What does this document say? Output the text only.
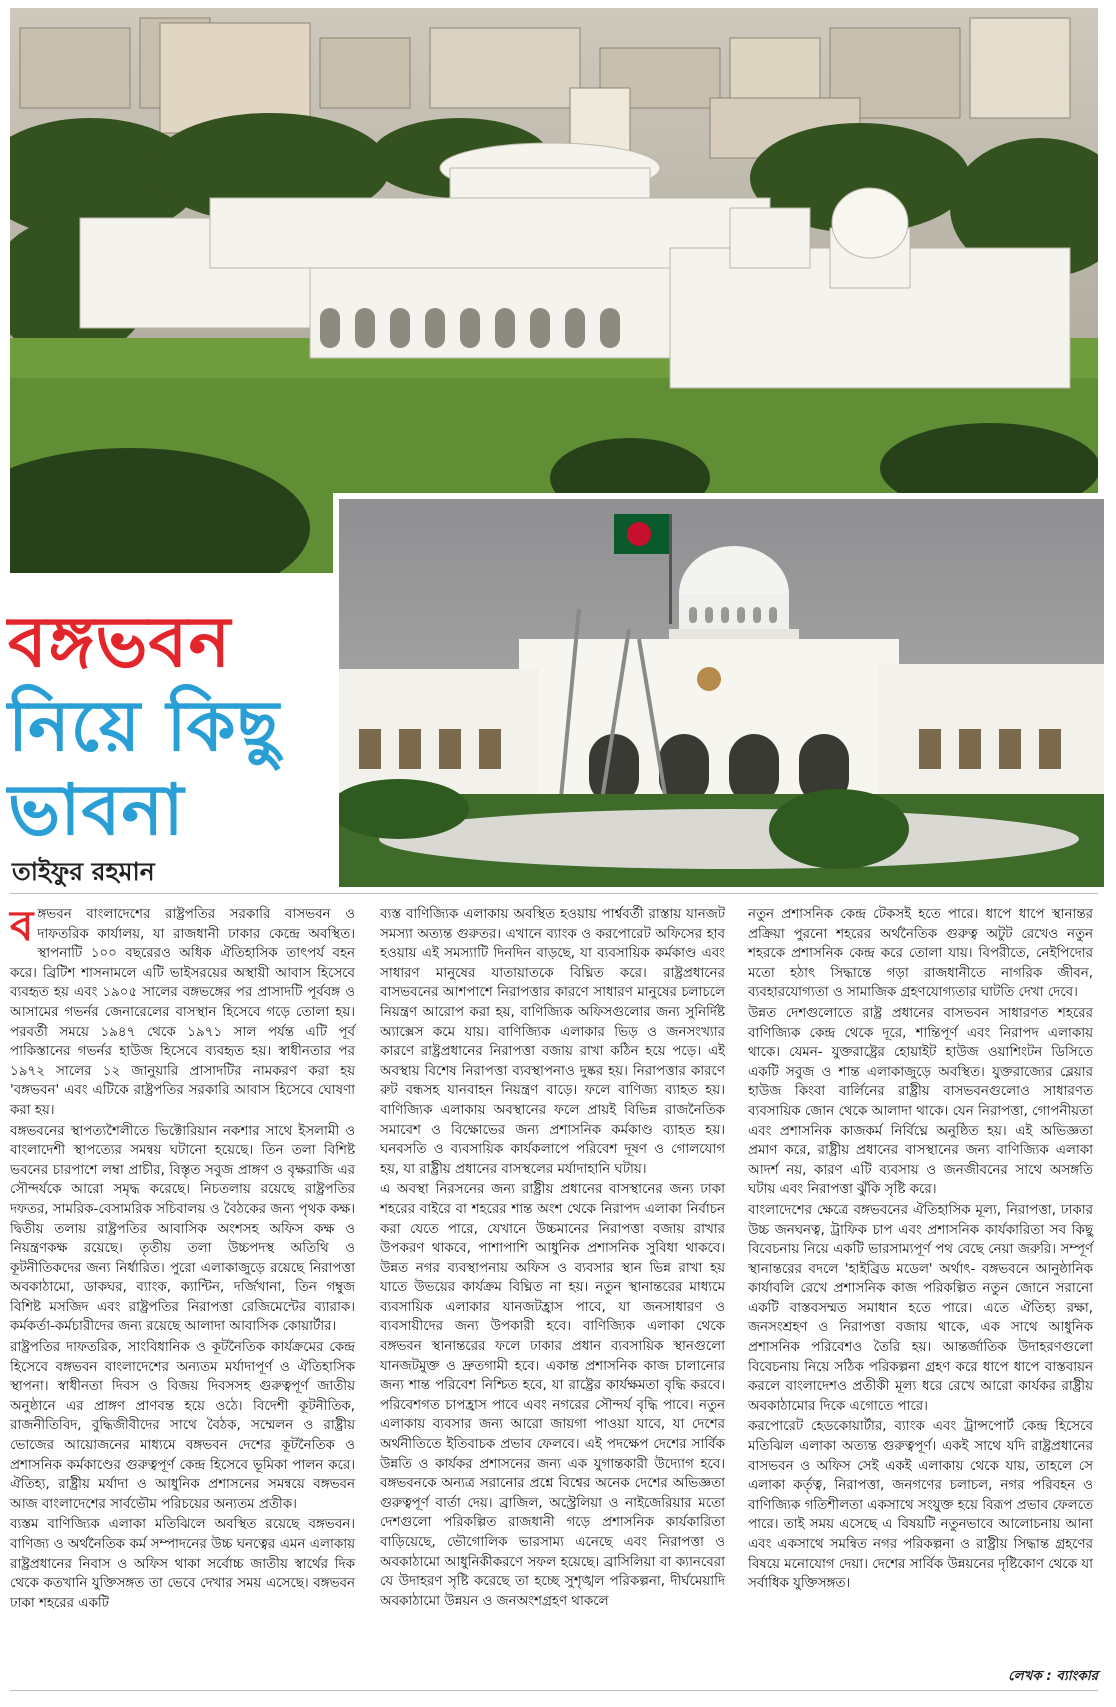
বঙ্গভবন
নিয়ে কিছু
ভাবনা
তাইফুর রহমান

বঙ্গভবন বাংলাদেশের রাষ্ট্রপতির সরকারি বাসভবন ও দাফতরিক কার্যালয়, যা রাজধানী ঢাকার কেন্দ্রে অবস্থিত। স্থাপনাটি ১০০ বছরেরও অধিক ঐতিহাসিক তাৎপর্য বহন করে। ব্রিটিশ শাসনামলে এটি ভাইসরয়ের অস্থায়ী আবাস হিসেবে ব্যবহৃত হয় এবং ১৯০৫ সালের বঙ্গভঙ্গের পর প্রাসাদটি পূর্ববঙ্গ ও আসামের গভর্নর জেনারেলের বাসস্থান হিসেবে গড়ে তোলা হয়। পরবর্তী সময়ে ১৯৪৭ থেকে ১৯৭১ সাল পর্যন্ত এটি পূর্ব পাকিস্তানের গভর্নর হাউজ হিসেবে ব্যবহৃত হয়। স্বাধীনতার পর ১৯৭২ সালের ১২ জানুয়ারি প্রাসাদটির নামকরণ করা হয় 'বঙ্গভবন' এবং এটিকে রাষ্ট্রপতির সরকারি আবাস হিসেবে ঘোষণা করা হয়।

বঙ্গভবনের স্থাপত্যশৈলীতে ভিক্টোরিয়ান নকশার সাথে ইসলামী ও বাংলাদেশী স্থাপত্যের সমন্বয় ঘটানো হয়েছে। তিন তলা বিশিষ্ট ভবনের চারপাশে লম্বা প্রাচীর, বিস্তৃত সবুজ প্রাঙ্গণ ও বৃক্ষরাজি এর সৌন্দর্যকে আরো সমৃদ্ধ করেছে। নিচতলায় রয়েছে রাষ্ট্রপতির দফতর, সামরিক-বেসামরিক সচিবালয় ও বৈঠকের জন্য পৃথক কক্ষ। দ্বিতীয় তলায় রাষ্ট্রপতির আবাসিক অংশসহ অফিস কক্ষ ও নিয়ন্ত্রণকক্ষ রয়েছে। তৃতীয় তলা উচ্চপদস্থ অতিথি ও কূটনীতিকদের জন্য নির্ধারিত। পুরো এলাকাজুড়ে রয়েছে নিরাপত্তা অবকাঠামো, ডাকঘর, ব্যাংক, ক্যান্টিন, দর্জিখানা, তিন গম্বুজ বিশিষ্ট মসজিদ এবং রাষ্ট্রপতির নিরাপত্তা রেজিমেন্টের ব্যারাক। কর্মকর্তা-কর্মচারীদের জন্য রয়েছে আলাদা আবাসিক কোয়ার্টার।

রাষ্ট্রপতির দাফতরিক, সাংবিধানিক ও কূটনৈতিক কার্যক্রমের কেন্দ্র হিসেবে বঙ্গভবন বাংলাদেশের অন্যতম মর্যাদাপূর্ণ ও ঐতিহাসিক স্থাপনা। স্বাধীনতা দিবস ও বিজয় দিবসসহ গুরুত্বপূর্ণ জাতীয় অনুষ্ঠানে এর প্রাঙ্গণ প্রাণবন্ত হয়ে ওঠে। বিদেশী কূটনীতিক, রাজনীতিবিদ, বুদ্ধিজীবীদের সাথে বৈঠক, সম্মেলন ও রাষ্ট্রীয় ভোজের আয়োজনের মাধ্যমে বঙ্গভবন দেশের কূটনৈতিক ও প্রশাসনিক কর্মকাণ্ডের গুরুত্বপূর্ণ কেন্দ্র হিসেবে ভূমিকা পালন করে। ঐতিহ্য, রাষ্ট্রীয় মর্যাদা ও আধুনিক প্রশাসনের সমন্বয়ে বঙ্গভবন আজ বাংলাদেশের সার্বভৌম পরিচয়ের অন্যতম প্রতীক।

ব্যস্তম বাণিজ্যিক এলাকা মতিঝিলে অবস্থিত রয়েছে বঙ্গভবন। বাণিজ্য ও অর্থনৈতিক কর্ম সম্পাদনের উচ্চ ঘনত্বের এমন এলাকায় রাষ্ট্রপ্রধানের নিবাস ও অফিস থাকা সর্বোচ্চ জাতীয় স্বার্থের দিক থেকে কতখানি যুক্তিসঙ্গত তা ভেবে দেখার সময় এসেছে। বঙ্গভবন ঢাকা শহরের একটি

ব্যস্ত বাণিজ্যিক এলাকায় অবস্থিত হওয়ায় পার্শ্ববর্তী রাস্তায় যানজট সমস্যা অত্যন্ত গুরুতর। এখানে ব্যাংক ও করপোরেট অফিসের হাব হওয়ায় এই সমস্যাটি দিনদিন বাড়ছে, যা ব্যবসায়িক কর্মকাণ্ড এবং সাধারণ মানুষের যাতায়াতকে বিঘ্নিত করে। রাষ্ট্রপ্রধানের বাসভবনের আশপাশে নিরাপত্তার কারণে সাধারণ মানুষের চলাচলে নিয়ন্ত্রণ আরোপ করা হয়, বাণিজ্যিক অফিসগুলোর জন্য সুনির্দিষ্ট অ্যাক্সেস কমে যায়। বাণিজ্যিক এলাকার ভিড় ও জনসংখ্যার কারণে রাষ্ট্রপ্রধানের নিরাপত্তা বজায় রাখা কঠিন হয়ে পড়ে। এই অবস্থায় বিশেষ নিরাপত্তা ব্যবস্থাপনাও দুষ্কর হয়। নিরাপত্তার কারণে রুট বন্ধসহ যানবাহন নিয়ন্ত্রণ বাড়ে। ফলে বাণিজ্য ব্যাহত হয়। বাণিজ্যিক এলাকায় অবস্থানের ফলে প্রায়ই বিভিন্ন রাজনৈতিক সমাবেশ ও বিক্ষোভের জন্য প্রশাসনিক কর্মকাণ্ড ব্যাহত হয়। ঘনবসতি ও ব্যবসায়িক কার্যকলাপে পরিবেশ দূষণ ও গোলযোগ হয়, যা রাষ্ট্রীয় প্রধানের বাসস্থলের মর্যাদাহানি ঘটায়।

এ অবস্থা নিরসনের জন্য রাষ্ট্রীয় প্রধানের বাসস্থানের জন্য ঢাকা শহরের বাইরে বা শহরের শান্ত অংশ থেকে নিরাপদ এলাকা নির্বাচন করা যেতে পারে, যেখানে উচ্চমানের নিরাপত্তা বজায় রাখার উপকরণ থাকবে, পাশাপাশি আধুনিক প্রশাসনিক সুবিধা থাকবে। উন্নত নগর ব্যবস্থাপনায় অফিস ও ব্যবসার স্থান ভিন্ন রাখা হয় যাতে উভয়ের কার্যক্রম বিঘ্নিত না হয়। নতুন স্থানান্তরের মাধ্যমে ব্যবসায়িক এলাকার যানজটহ্রাস পাবে, যা জনসাধারণ ও ব্যবসায়ীদের জন্য উপকারী হবে। বাণিজ্যিক এলাকা থেকে বঙ্গভবন স্থানান্তরের ফলে ঢাকার প্রধান ব্যবসায়িক স্থানগুলো যানজটমুক্ত ও দ্রুতগামী হবে। একান্ত প্রশাসনিক কাজ চালানোর জন্য শান্ত পরিবেশ নিশ্চিত হবে, যা রাষ্ট্রের কার্যক্ষমতা বৃদ্ধি করবে। পরিবেশগত চাপহ্রাস পাবে এবং নগরের সৌন্দর্য বৃদ্ধি পাবে। নতুন এলাকায় ব্যবসার জন্য আরো জায়গা পাওয়া যাবে, যা দেশের অর্থনীতিতে ইতিবাচক প্রভাব ফেলবে। এই পদক্ষেপ দেশের সার্বিক উন্নতি ও কার্যকর প্রশাসনের জন্য এক যুগান্তকারী উদ্যোগ হবে। বঙ্গভবনকে অন্যত্র সরানোর প্রশ্নে বিশ্বের অনেক দেশের অভিজ্ঞতা গুরুত্বপূর্ণ বার্তা দেয়। ব্রাজিল, অস্ট্রেলিয়া ও নাইজেরিয়ার মতো দেশগুলো পরিকল্পিত রাজধানী গড়ে প্রশাসনিক কার্যকারিতা বাড়িয়েছে, ভৌগোলিক ভারসাম্য এনেছে এবং নিরাপত্তা ও অবকাঠামো আধুনিকীকরণে সফল হয়েছে। ব্রাসিলিয়া বা ক্যানবেরা যে উদাহরণ সৃষ্টি করেছে তা হচ্ছে সুশৃঙ্খল পরিকল্পনা, দীর্ঘমেয়াদি অবকাঠামো উন্নয়ন ও জনঅংশগ্রহণ থাকলে

নতুন প্রশাসনিক কেন্দ্র টেকসই হতে পারে। ধাপে ধাপে স্থানান্তর প্রক্রিয়া পুরনো শহরের অর্থনৈতিক গুরুত্ব অটুট রেখেও নতুন শহরকে প্রশাসনিক কেন্দ্র করে তোলা যায়। বিপরীতে, নেইপিদোর মতো হঠাৎ সিদ্ধান্তে গড়া রাজধানীতে নাগরিক জীবন, ব্যবহারযোগ্যতা ও সামাজিক গ্রহণযোগ্যতার ঘাটতি দেখা দেবে।

উন্নত দেশগুলোতে রাষ্ট্র প্রধানের বাসভবন সাধারণত শহরের বাণিজ্যিক কেন্দ্র থেকে দূরে, শান্তিপূর্ণ এবং নিরাপদ এলাকায় থাকে। যেমন- যুক্তরাষ্ট্রের হোয়াইট হাউজ ওয়াশিংটন ডিসিতে একটি সবুজ ও শান্ত এলাকাজুড়ে অবস্থিত। যুক্তরাজ্যের ব্লেয়ার হাউজ কিংবা বার্লিনের রাষ্ট্রীয় বাসভবনগুলোও সাধারণত ব্যবসায়িক জোন থেকে আলাদা থাকে। যেন নিরাপত্তা, গোপনীয়তা এবং প্রশাসনিক কাজকর্ম নির্বিঘ্নে অনুষ্ঠিত হয়। এই অভিজ্ঞতা প্রমাণ করে, রাষ্ট্রীয় প্রধানের বাসস্থানের জন্য বাণিজ্যিক এলাকা আদর্শ নয়, কারণ এটি ব্যবসায় ও জনজীবনের সাথে অসঙ্গতি ঘটায় এবং নিরাপত্তা ঝুঁকি সৃষ্টি করে।

বাংলাদেশের ক্ষেত্রে বঙ্গভবনের ঐতিহাসিক মূল্য, নিরাপত্তা, ঢাকার উচ্চ জনঘনত্ব, ট্রাফিক চাপ এবং প্রশাসনিক কার্যকারিতা সব কিছু বিবেচনায় নিয়ে একটি ভারসাম্যপূর্ণ পথ বেছে নেয়া জরুরি। সম্পূর্ণ স্থানান্তরের বদলে 'হাইব্রিড মডেল' অর্থাৎ- বঙ্গভবনে আনুষ্ঠানিক কার্যাবলি রেখে প্রশাসনিক কাজ পরিকল্পিত নতুন জোনে সরানো একটি বাস্তবসম্মত সমাধান হতে পারে। এতে ঐতিহ্য রক্ষা, জনসংশ্রহণ ও নিরাপত্তা বজায় থাকে, এক সাথে আধুনিক প্রশাসনিক পরিবেশও তৈরি হয়। আন্তর্জাতিক উদাহরণগুলো বিবেচনায় নিয়ে সঠিক পরিকল্পনা গ্রহণ করে ধাপে ধাপে বাস্তবায়ন করলে বাংলাদেশও প্রতীকী মূল্য ধরে রেখে আরো কার্যকর রাষ্ট্রীয় অবকাঠামোর দিকে এগোতে পারে।

করপোরেট হেডকোয়ার্টার, ব্যাংক এবং ট্রান্সপোর্ট কেন্দ্র হিসেবে মতিঝিল এলাকা অত্যন্ত গুরুত্বপূর্ণ। একই সাথে যদি রাষ্ট্রপ্রধানের বাসভবন ও অফিস সেই একই এলাকায় থেকে যায়, তাহলে সে এলাকা কর্তৃত্ব, নিরাপত্তা, জনগণের চলাচল, নগর পরিবহন ও বাণিজ্যিক গতিশীলতা একসাথে সংযুক্ত হয়ে বিরূপ প্রভাব ফেলতে পারে। তাই সময় এসেছে এ বিষয়টি নতুনভাবে আলোচনায় আনা এবং একসাথে সমন্বিত নগর পরিকল্পনা ও রাষ্ট্রীয় সিদ্ধান্ত গ্রহণের বিষয়ে মনোযোগ দেয়া। দেশের সার্বিক উন্নয়নের দৃষ্টিকোণ থেকে যা সর্বাধিক যুক্তিসঙ্গত।

লেখক : ব্যাংকার
